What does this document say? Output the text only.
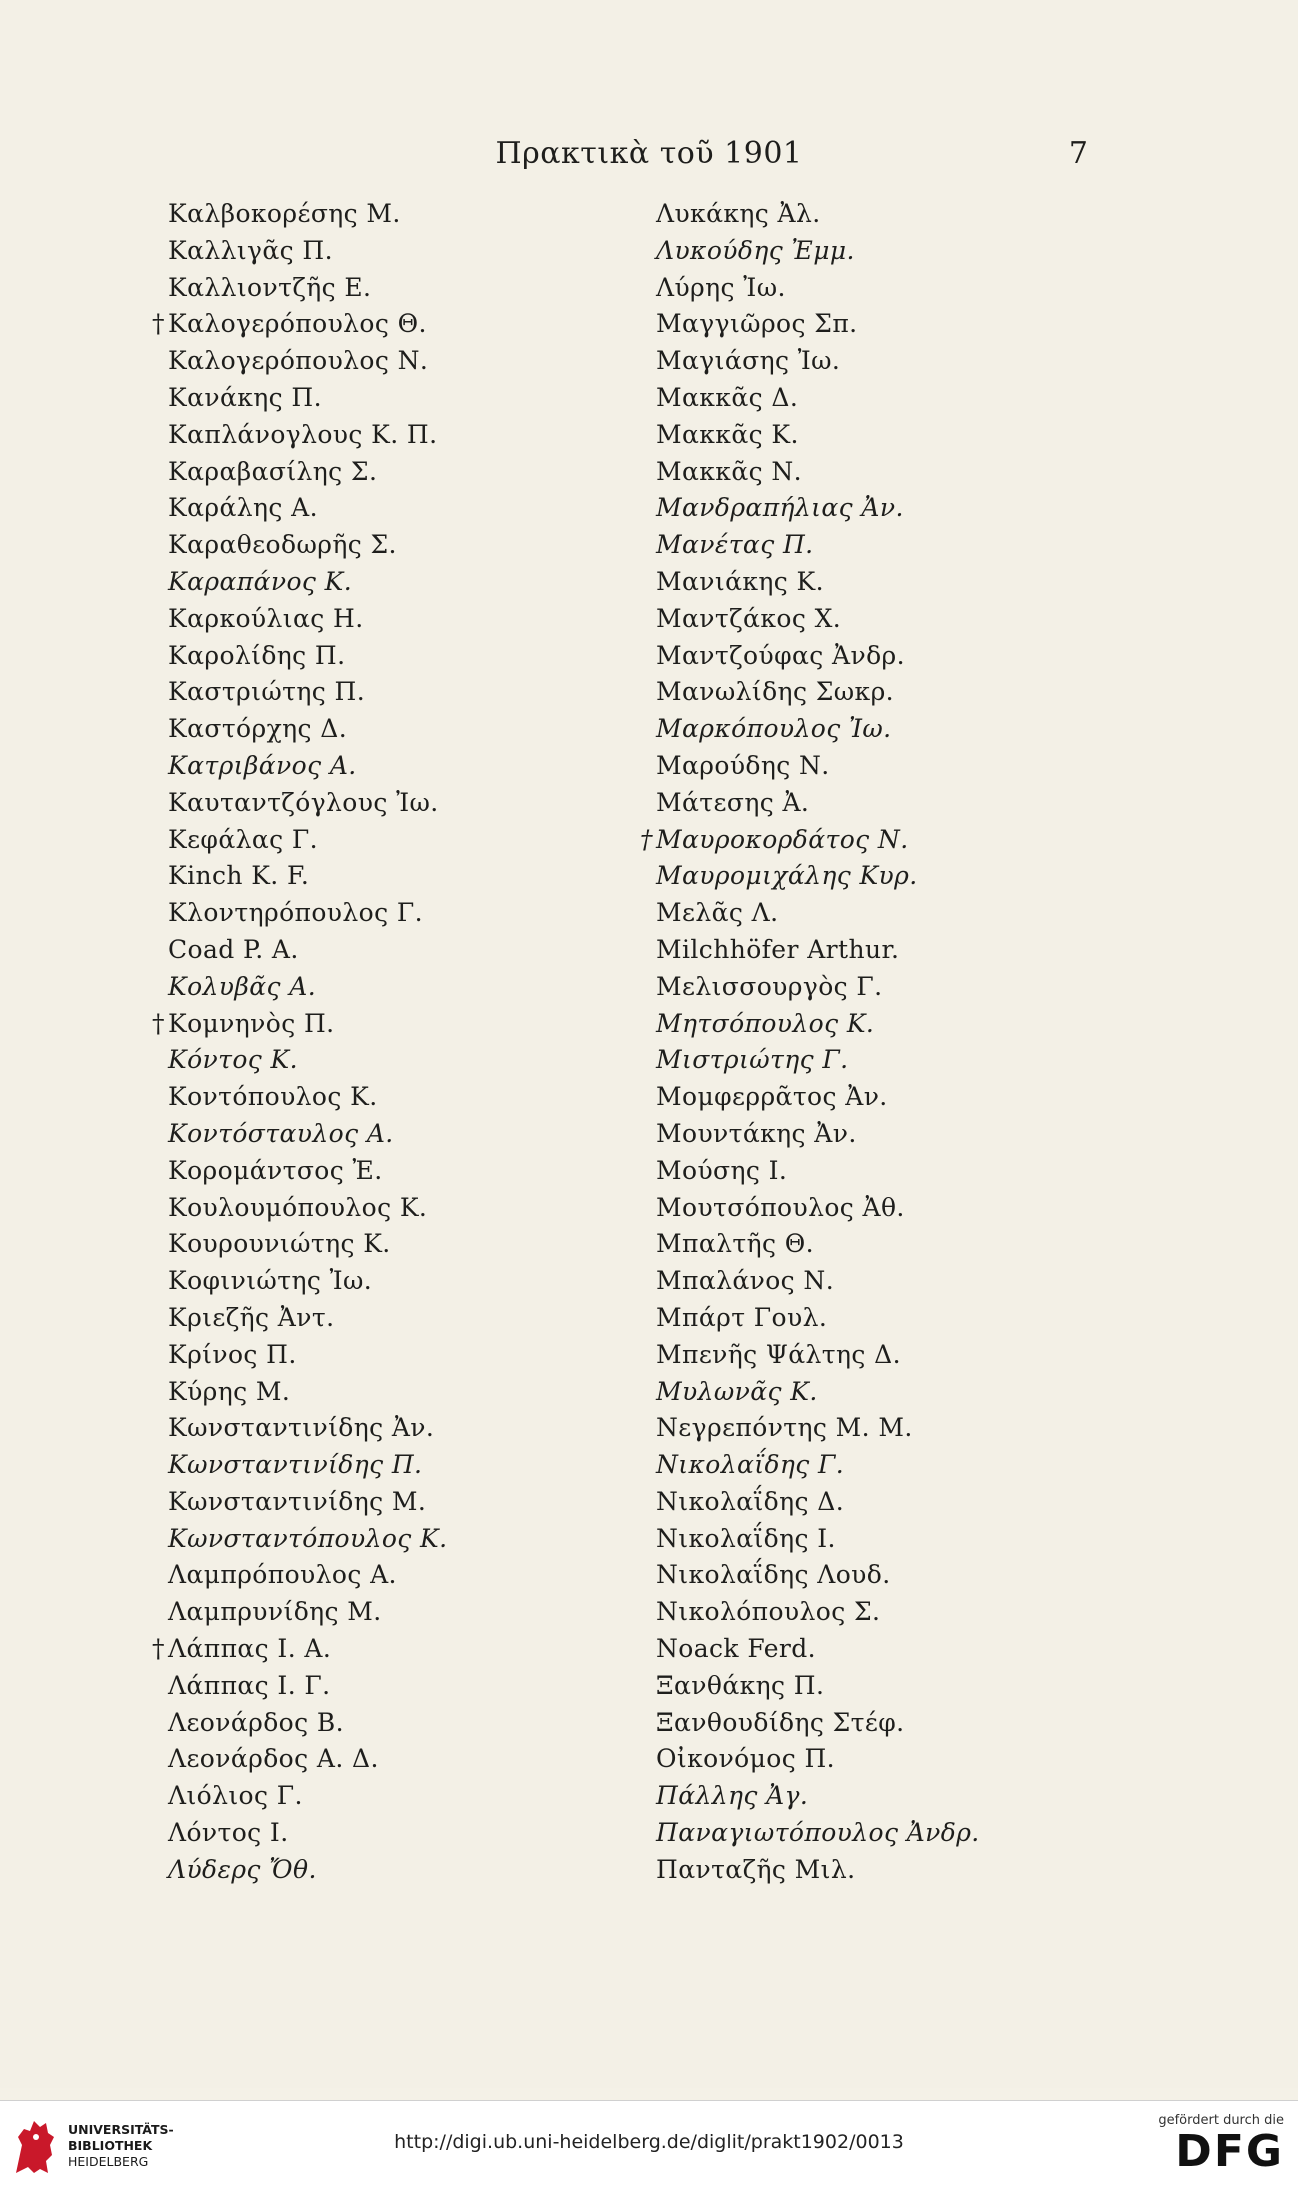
Πρακτικὰ τοῦ 1901	7
Καλβοκορέσης Μ.
Καλλιγᾶς Π.
Καλλιοντζῆς Ε.
† Καλογερόπουλος Θ.
Καλογερόπουλος Ν.
Κανάκης Π.
Καπλάνογλους Κ. Π.
Καραβασίλης Σ.
Καράλης Α.
Καραθεοδωρῆς Σ.
Καραπάνος Κ.
Καρκούλιας Η.
Καρολίδης Π.
Καστριώτης Π.
Καστόρχης Δ.
Κατριβάνος Α.
Καυταντζόγλους Ἰω.
Κεφάλας Γ.
Kinch K. F.
Κλοντηρόπουλος Γ.
Coad P. A.
Κολυβᾶς Α.
† Κομνηνὸς Π.
Κόντος Κ.
Κοντόπουλος Κ.
Κοντόσταυλος Α.
Κορομάντσος Ἐ.
Κουλουμόπουλος Κ.
Κουρουνιώτης Κ.
Κοφινιώτης Ἰω.
Κριεζῆς Ἀντ.
Κρίνος Π.
Κύρης Μ.
Κωνσταντινίδης Ἀν.
Κωνσταντινίδης Π.
Κωνσταντινίδης Μ.
Κωνσταντόπουλος Κ.
Λαμπρόπουλος Α.
Λαμπρυνίδης Μ.
† Λάππας Ι. Α.
Λάππας Ι. Γ.
Λεονάρδος Β.
Λεονάρδος Α. Δ.
Λιόλιος Γ.
Λόντος Ι.
Λύδερς Ὄθ.
Λυκάκης Ἀλ.
Λυκούδης Ἐμμ.
Λύρης Ἰω.
Μαγγιῶρος Σπ.
Μαγιάσης Ἰω.
Μακκᾶς Δ.
Μακκᾶς Κ.
Μακκᾶς Ν.
Μανδραπήλιας Ἀν.
Μανέτας Π.
Μανιάκης Κ.
Μαντζάκος Χ.
Μαντζούφας Ἀνδρ.
Μανωλίδης Σωκρ.
Μαρκόπουλος Ἰω.
Μαρούδης Ν.
Μάτεσης Ἀ.
† Μαυροκορδάτος Ν.
Μαυρομιχάλης Κυρ.
Μελᾶς Λ.
Milchhöfer Arthur.
Μελισσουργὸς Γ.
Μητσόπουλος Κ.
Μιστριώτης Γ.
Μομφερρᾶτος Ἀν.
Μουντάκης Ἀν.
Μούσης Ι.
Μουτσόπουλος Ἀθ.
Μπαλτῆς Θ.
Μπαλάνος Ν.
Μπάρτ Γουλ.
Μπενῆς Ψάλτης Δ.
Μυλωνᾶς Κ.
Νεγρεπόντης Μ. Μ.
Νικολαΐδης Γ.
Νικολαΐδης Δ.
Νικολαΐδης Ι.
Νικολαΐδης Λουδ.
Νικολόπουλος Σ.
Noack Ferd.
Ξανθάκης Π.
Ξανθουδίδης Στέφ.
Οἰκονόμος Π.
Πάλλης Ἀγ.
Παναγιωτόπουλος Ἀνδρ.
Πανταζῆς Μιλ.
UNIVERSITÄTS-
BIBLIOTHEK
HEIDELBERG
http://digi.ub.uni-heidelberg.de/diglit/prakt1902/0013
gefördert durch die
DFG
